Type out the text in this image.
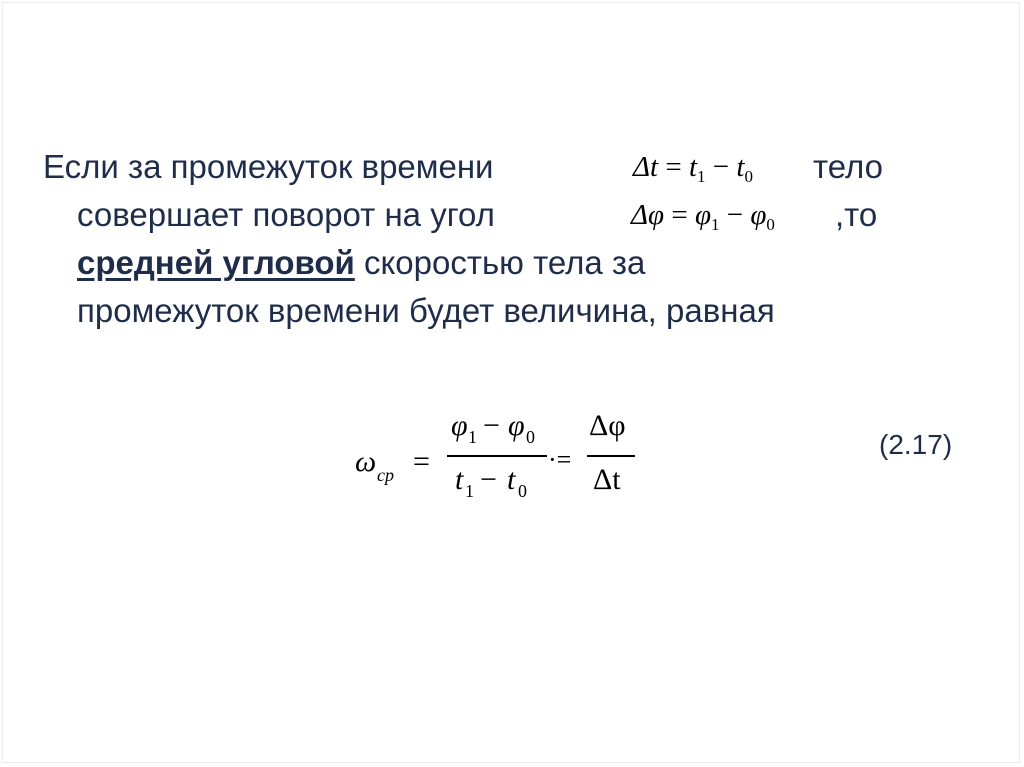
Если за промежуток времени	$\Delta t = t_1 - t_0$ тело
совершает поворот на угол	$\Delta\varphi = \varphi_1 - \varphi_0$ ,то
средней угловой скоростью тела за
промежуток времени будет величина, равная
ω ср =
φ 1 − φ 0
t 1 − t 0
·=
Δφ
Δt
(2.17)
